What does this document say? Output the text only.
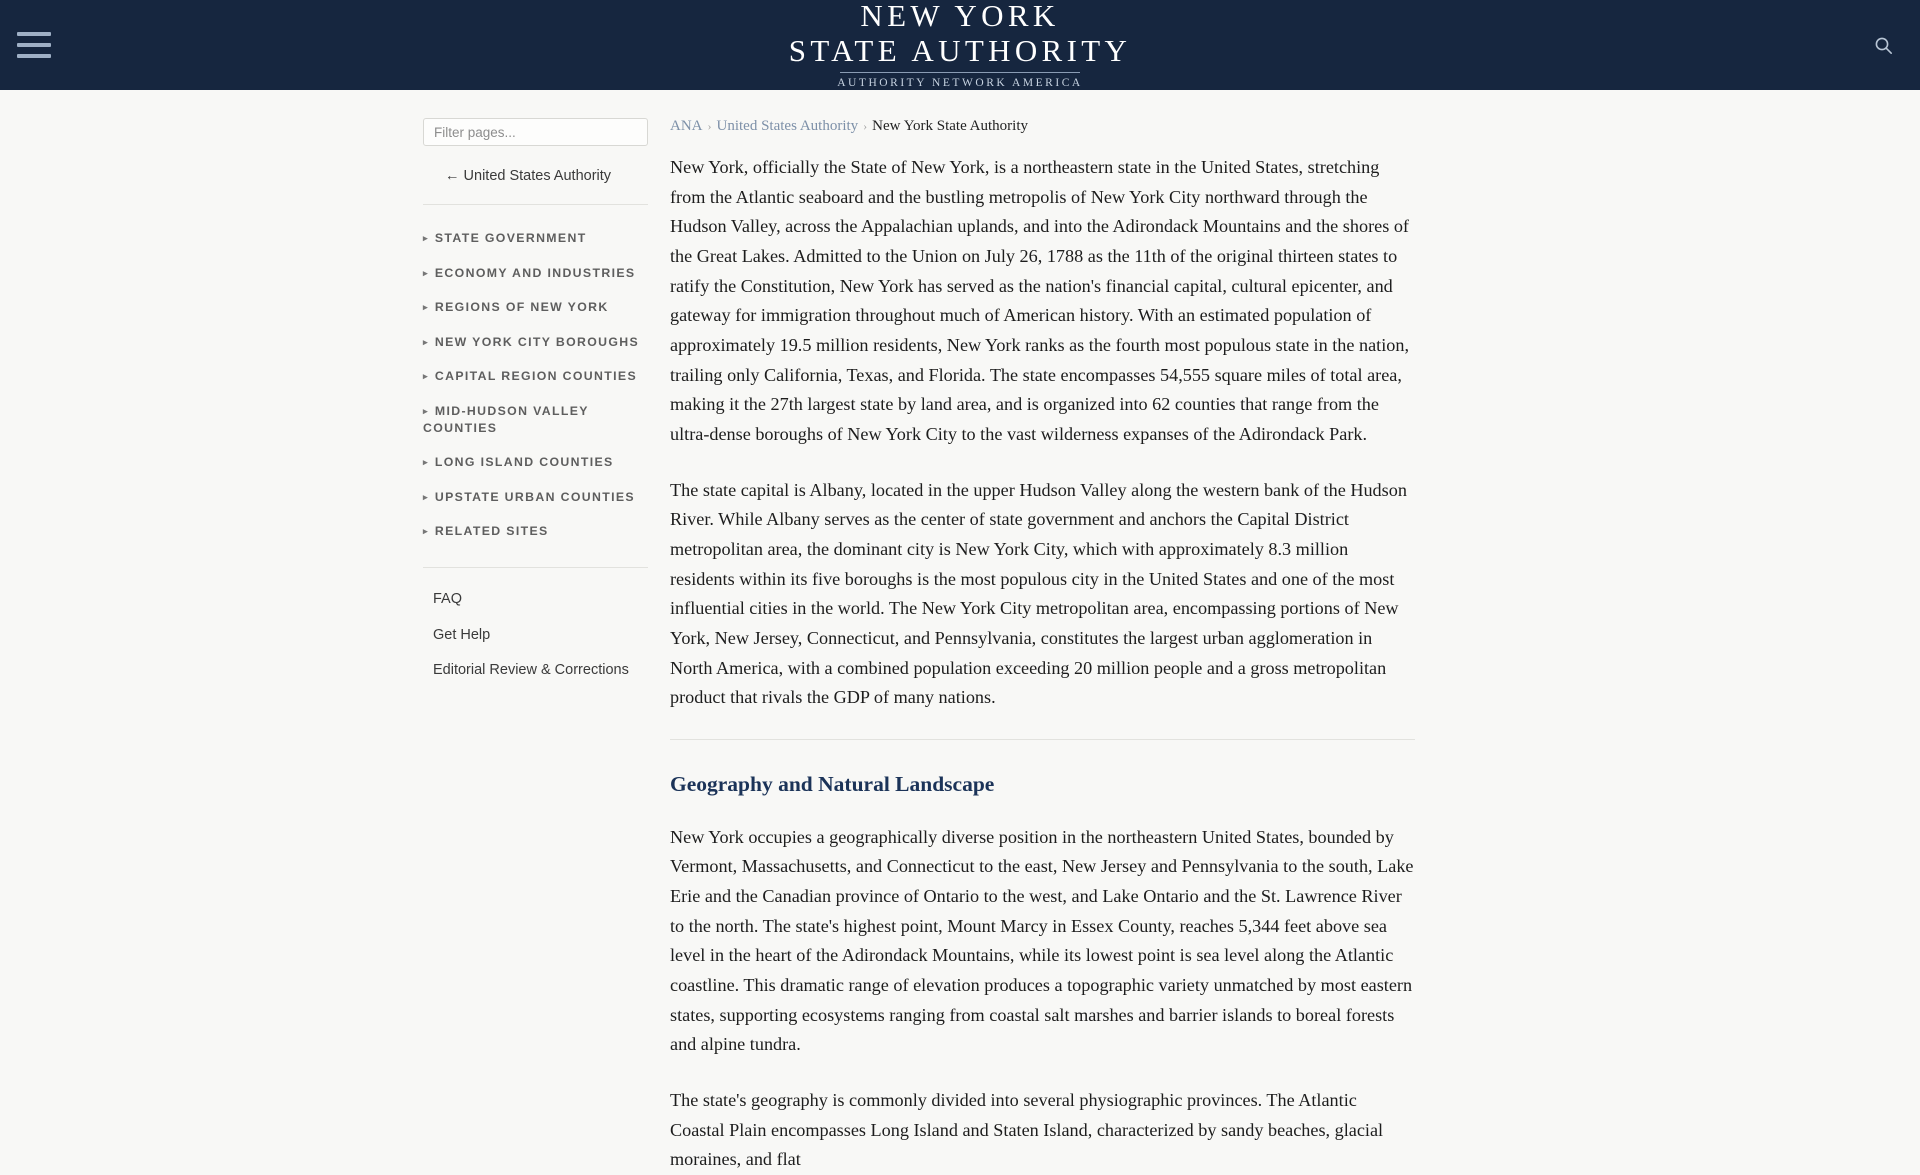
NEW YORK
STATE AUTHORITY
AUTHORITY NETWORK AMERICA
Filter pages...
← United States Authority
▸ STATE GOVERNMENT
▸ ECONOMY AND INDUSTRIES
▸ REGIONS OF NEW YORK
▸ NEW YORK CITY BOROUGHS
▸ CAPITAL REGION COUNTIES
▸ MID-HUDSON VALLEY COUNTIES
▸ LONG ISLAND COUNTIES
▸ UPSTATE URBAN COUNTIES
▸ RELATED SITES
FAQ
Get Help
Editorial Review & Corrections
ANA › United States Authority › New York State Authority

New York, officially the State of New York, is a northeastern state in the United States, stretching from the Atlantic seaboard and the bustling metropolis of New York City northward through the Hudson Valley, across the Appalachian uplands, and into the Adirondack Mountains and the shores of the Great Lakes. Admitted to the Union on July 26, 1788 as the 11th of the original thirteen states to ratify the Constitution, New York has served as the nation's financial capital, cultural epicenter, and gateway for immigration throughout much of American history. With an estimated population of approximately 19.5 million residents, New York ranks as the fourth most populous state in the nation, trailing only California, Texas, and Florida. The state encompasses 54,555 square miles of total area, making it the 27th largest state by land area, and is organized into 62 counties that range from the ultra-dense boroughs of New York City to the vast wilderness expanses of the Adirondack Park.

The state capital is Albany, located in the upper Hudson Valley along the western bank of the Hudson River. While Albany serves as the center of state government and anchors the Capital District metropolitan area, the dominant city is New York City, which with approximately 8.3 million residents within its five boroughs is the most populous city in the United States and one of the most influential cities in the world. The New York City metropolitan area, encompassing portions of New York, New Jersey, Connecticut, and Pennsylvania, constitutes the largest urban agglomeration in North America, with a combined population exceeding 20 million people and a gross metropolitan product that rivals the GDP of many nations.

Geography and Natural Landscape

New York occupies a geographically diverse position in the northeastern United States, bounded by Vermont, Massachusetts, and Connecticut to the east, New Jersey and Pennsylvania to the south, Lake Erie and the Canadian province of Ontario to the west, and Lake Ontario and the St. Lawrence River to the north. The state's highest point, Mount Marcy in Essex County, reaches 5,344 feet above sea level in the heart of the Adirondack Mountains, while its lowest point is sea level along the Atlantic coastline. This dramatic range of elevation produces a topographic variety unmatched by most eastern states, supporting ecosystems ranging from coastal salt marshes and barrier islands to boreal forests and alpine tundra.

The state's geography is commonly divided into several physiographic provinces. The Atlantic Coastal Plain encompasses Long Island and Staten Island, characterized by sandy beaches, glacial moraines, and flat
